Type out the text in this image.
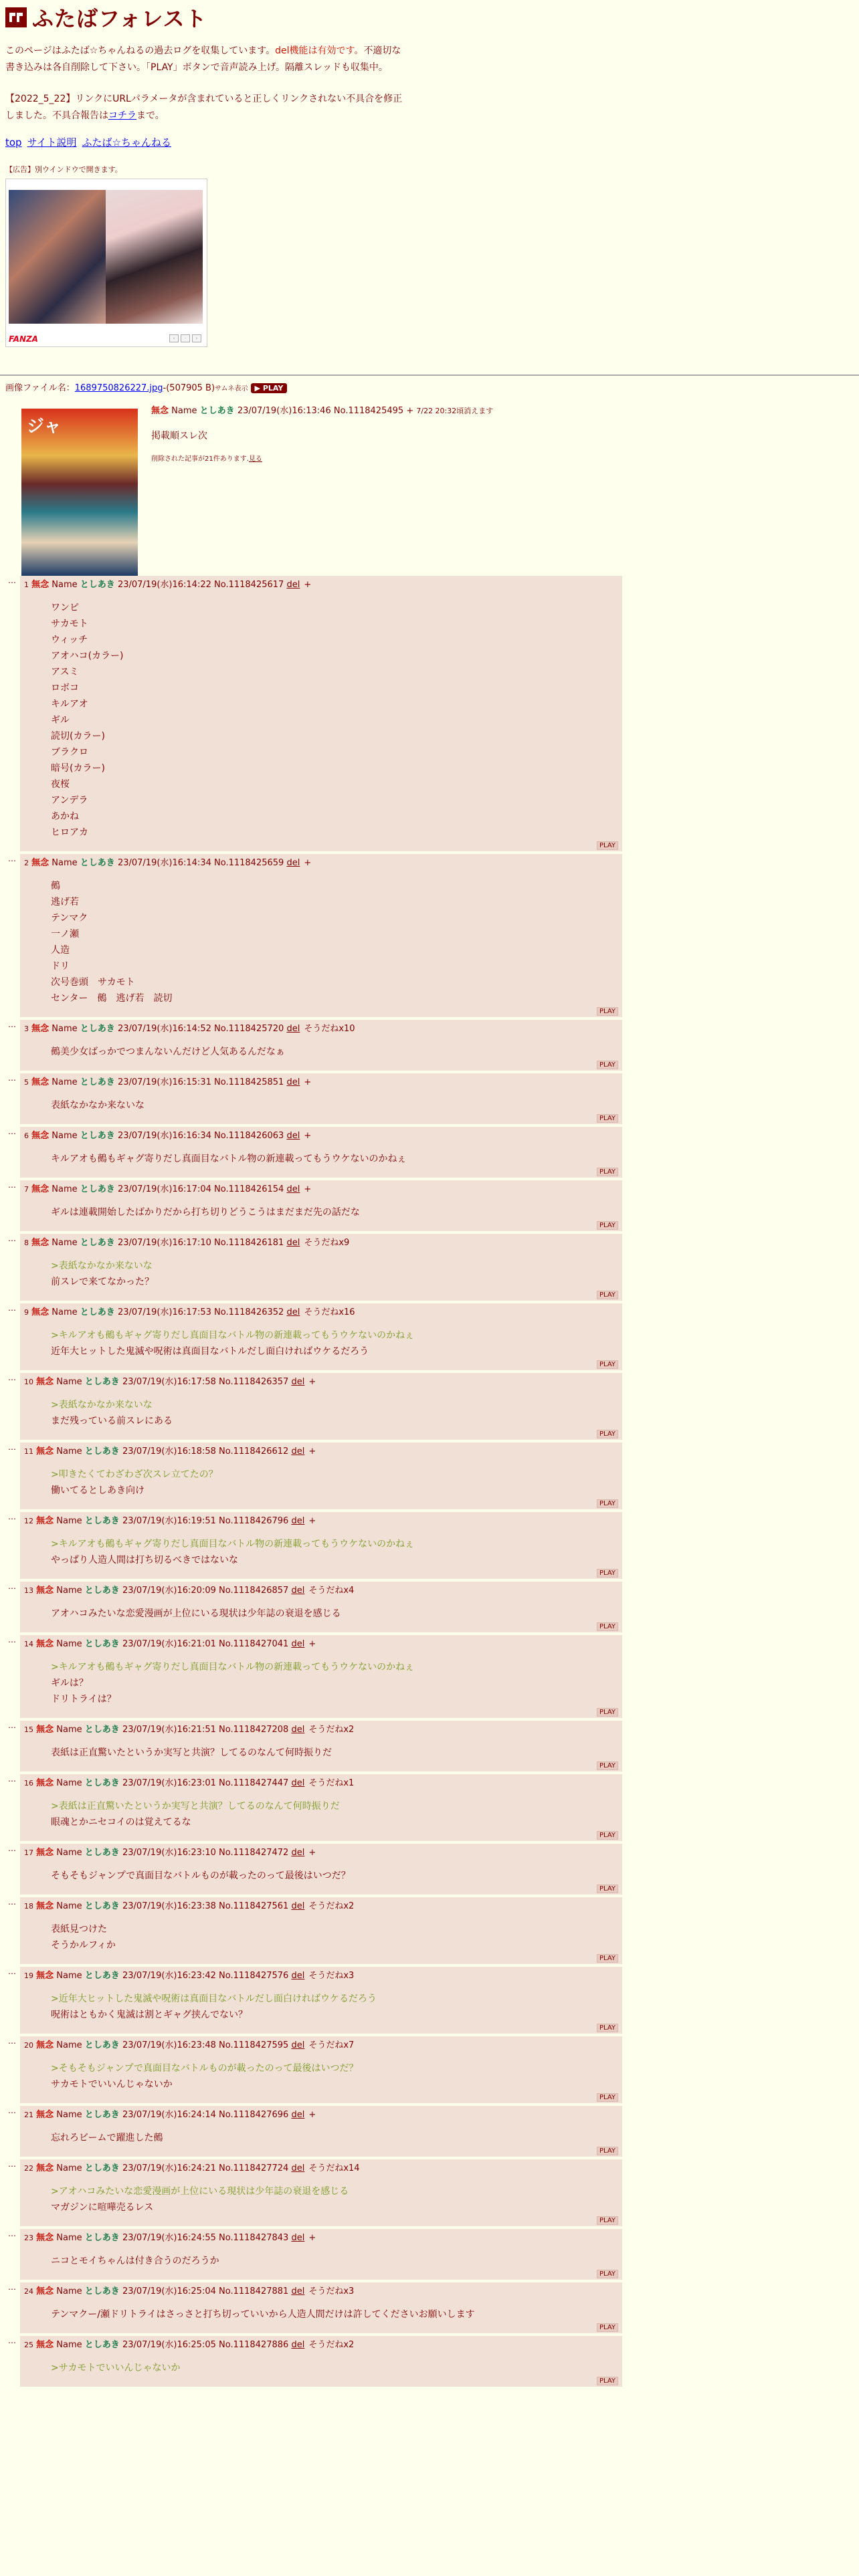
ふたばフォレスト
このページはふたば☆ちゃんねるの過去ログを収集しています。del機能は有効です。不適切な書き込みは各自削除して下さい。「PLAY」ボタンで音声読み上げ。隔離スレッドも収集中。
【2022_5_22】リンクにURLパラメータが含まれていると正しくリンクされない不具合を修正しました。不具合報告はコチラまで。
top サイト説明 ふたば☆ちゃんねる
【広告】別ウインドウで開きます。
FANZA	‹	·	›
画像ファイル名：1689750826227.jpg-(507905 B)サムネ表示 ▶ PLAY
ジャ
無念 Name としあき 23/07/19(水)16:13:46 No.1118425495 + 7/22 20:32頃消えます
掲載順スレ次
削除された記事が21件あります.見る
… 1 無念 Name としあき 23/07/19(水)16:14:22 No.1118425617 del +
ワンピ
サカモト
ウィッチ
アオハコ(カラー)
アスミ
ロボコ
キルアオ
ギル
読切(カラー)
ブラクロ
暗号(カラー)
夜桜
アンデラ
あかね
ヒロアカ
PLAY
… 2 無念 Name としあき 23/07/19(水)16:14:34 No.1118425659 del +
鵺
逃げ若
テンマク
一ノ瀬
人造
ドリ
次号巻頭　サカモト
センター　鵺　逃げ若　読切
PLAY
… 3 無念 Name としあき 23/07/19(水)16:14:52 No.1118425720 del そうだねx10
鵺美少女ばっかでつまんないんだけど人気あるんだなぁ
PLAY
… 5 無念 Name としあき 23/07/19(水)16:15:31 No.1118425851 del +
表紙なかなか来ないな
PLAY
… 6 無念 Name としあき 23/07/19(水)16:16:34 No.1118426063 del +
キルアオも鵺もギャグ寄りだし真面目なバトル物の新連載ってもうウケないのかねぇ
PLAY
… 7 無念 Name としあき 23/07/19(水)16:17:04 No.1118426154 del +
ギルは連載開始したばかりだから打ち切りどうこうはまだまだ先の話だな
PLAY
… 8 無念 Name としあき 23/07/19(水)16:17:10 No.1118426181 del そうだねx9
>表紙なかなか来ないな
前スレで来てなかった？
PLAY
… 9 無念 Name としあき 23/07/19(水)16:17:53 No.1118426352 del そうだねx16
>キルアオも鵺もギャグ寄りだし真面目なバトル物の新連載ってもうウケないのかねぇ
近年大ヒットした鬼滅や呪術は真面目なバトルだし面白ければウケるだろう
PLAY
… 10 無念 Name としあき 23/07/19(水)16:17:58 No.1118426357 del +
>表紙なかなか来ないな
まだ残っている前スレにある
PLAY
… 11 無念 Name としあき 23/07/19(水)16:18:58 No.1118426612 del +
>叩きたくてわざわざ次スレ立てたの？
働いてるとしあき向け
PLAY
… 12 無念 Name としあき 23/07/19(水)16:19:51 No.1118426796 del +
>キルアオも鵺もギャグ寄りだし真面目なバトル物の新連載ってもうウケないのかねぇ
やっぱり人造人間は打ち切るべきではないな
PLAY
… 13 無念 Name としあき 23/07/19(水)16:20:09 No.1118426857 del そうだねx4
アオハコみたいな恋愛漫画が上位にいる現状は少年誌の衰退を感じる
PLAY
… 14 無念 Name としあき 23/07/19(水)16:21:01 No.1118427041 del +
>キルアオも鵺もギャグ寄りだし真面目なバトル物の新連載ってもうウケないのかねぇ
ギルは？
ドリトライは？
PLAY
… 15 無念 Name としあき 23/07/19(水)16:21:51 No.1118427208 del そうだねx2
表紙は正直驚いたというか実写と共演？してるのなんて何時振りだ
PLAY
… 16 無念 Name としあき 23/07/19(水)16:23:01 No.1118427447 del そうだねx1
>表紙は正直驚いたというか実写と共演？してるのなんて何時振りだ
眼魂とかニセコイのは覚えてるな
PLAY
… 17 無念 Name としあき 23/07/19(水)16:23:10 No.1118427472 del +
そもそもジャンプで真面目なバトルものが載ったのって最後はいつだ？
PLAY
… 18 無念 Name としあき 23/07/19(水)16:23:38 No.1118427561 del そうだねx2
表紙見つけた
そうかルフィか
PLAY
… 19 無念 Name としあき 23/07/19(水)16:23:42 No.1118427576 del そうだねx3
>近年大ヒットした鬼滅や呪術は真面目なバトルだし面白ければウケるだろう
呪術はともかく鬼滅は割とギャグ挟んでない？
PLAY
… 20 無念 Name としあき 23/07/19(水)16:23:48 No.1118427595 del そうだねx7
>そもそもジャンプで真面目なバトルものが載ったのって最後はいつだ？
サカモトでいいんじゃないか
PLAY
… 21 無念 Name としあき 23/07/19(水)16:24:14 No.1118427696 del +
忘れろビームで躍進した鵺
PLAY
… 22 無念 Name としあき 23/07/19(水)16:24:21 No.1118427724 del そうだねx14
>アオハコみたいな恋愛漫画が上位にいる現状は少年誌の衰退を感じる
マガジンに喧嘩売るレス
PLAY
… 23 無念 Name としあき 23/07/19(水)16:24:55 No.1118427843 del +
ニコとモイちゃんは付き合うのだろうか
PLAY
… 24 無念 Name としあき 23/07/19(水)16:25:04 No.1118427881 del そうだねx3
テンマクー/瀬ドリトライはさっさと打ち切っていいから人造人間だけは許してくださいお願いします
PLAY
… 25 無念 Name としあき 23/07/19(水)16:25:05 No.1118427886 del そうだねx2
>サカモトでいいんじゃないか
PLAY
